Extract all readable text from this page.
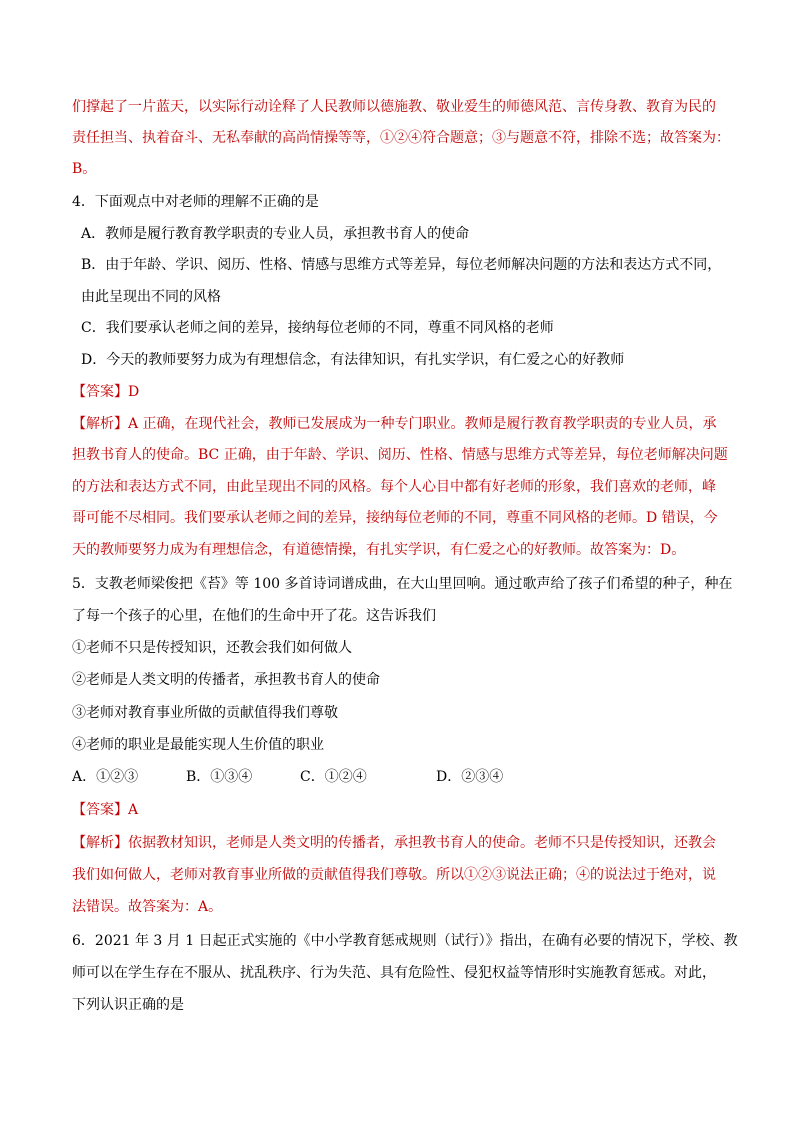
们撑起了一片蓝天，以实际行动诠释了人民教师以德施教、敬业爱生的师德风范、言传身教、教育为民的
责任担当、执着奋斗、无私奉献的高尚情操等等，①②④符合题意；③与题意不符，排除不选；故答案为：
B。
4．下面观点中对老师的理解不正确的是
A．教师是履行教育教学职责的专业人员，承担教书育人的使命
B．由于年龄、学识、阅历、性格、情感与思维方式等差异，每位老师解决问题的方法和表达方式不同，
由此呈现出不同的风格
C．我们要承认老师之间的差异，接纳每位老师的不同，尊重不同风格的老师
D．今天的教师要努力成为有理想信念，有法律知识，有扎实学识，有仁爱之心的好教师
【答案】D
【解析】A 正确，在现代社会，教师已发展成为一种专门职业。教师是履行教育教学职责的专业人员，承
担教书育人的使命。BC 正确，由于年龄、学识、阅历、性格、情感与思维方式等差异，每位老师解决问题
的方法和表达方式不同，由此呈现出不同的风格。每个人心目中都有好老师的形象，我们喜欢的老师，峰
哥可能不尽相同。我们要承认老师之间的差异，接纳每位老师的不同，尊重不同风格的老师。D 错误，今
天的教师要努力成为有理想信念，有道德情操，有扎实学识，有仁爱之心的好教师。故答案为：D。
5．支教老师梁俊把《苔》等 100 多首诗词谱成曲，在大山里回响。通过歌声给了孩子们希望的种子，种在
了每一个孩子的心里，在他们的生命中开了花。这告诉我们
①老师不只是传授知识，还教会我们如何做人
②老师是人类文明的传播者，承担教书育人的使命
③老师对教育事业所做的贡献值得我们尊敬
④老师的职业是最能实现人生价值的职业
A．①②③	B．①③④	C．①②④	D．②③④
【答案】A
【解析】依据教材知识，老师是人类文明的传播者，承担教书育人的使命。老师不只是传授知识，还教会
我们如何做人，老师对教育事业所做的贡献值得我们尊敬。所以①②③说法正确；④的说法过于绝对，说
法错误。故答案为：A。
6．2021 年 3 月 1 日起正式实施的《中小学教育惩戒规则（试行）》指出，在确有必要的情况下，学校、教
师可以在学生存在不服从、扰乱秩序、行为失范、具有危险性、侵犯权益等情形时实施教育惩戒。对此，
下列认识正确的是
